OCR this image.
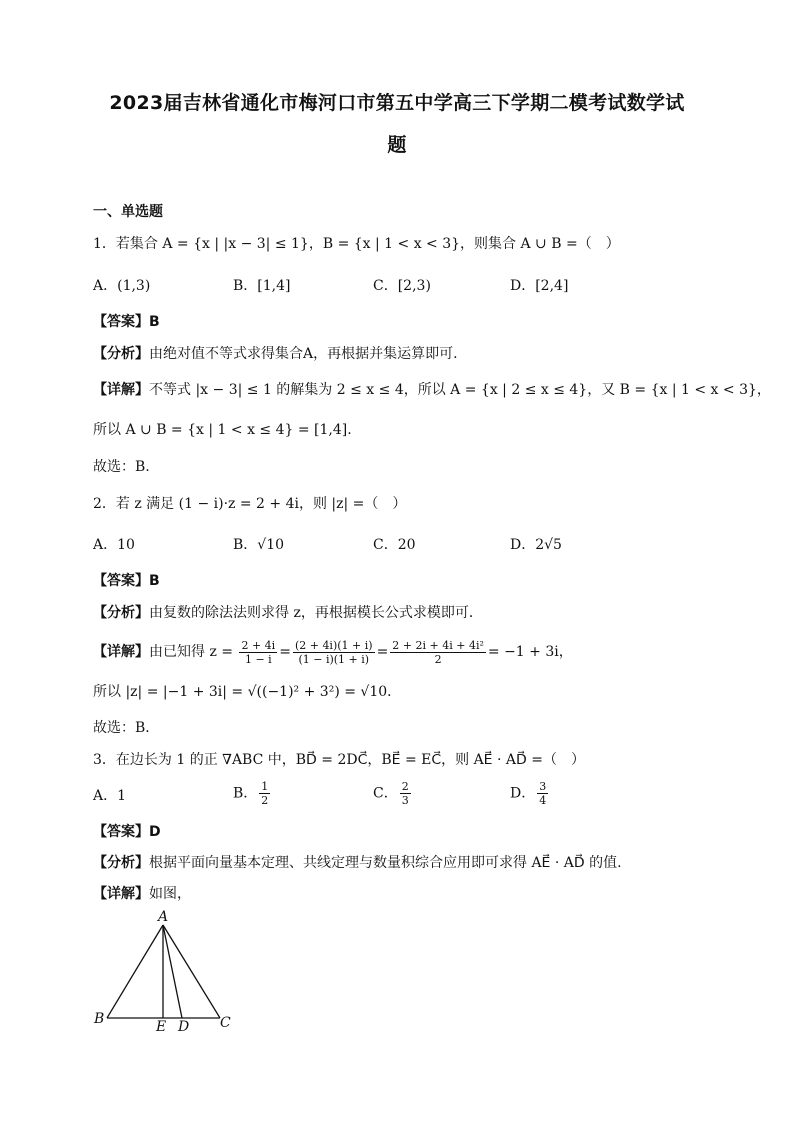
2023届吉林省通化市梅河口市第五中学高三下学期二模考试数学试
题
一、单选题
1．若集合 A = {x | |x − 3| ≤ 1}，B = {x | 1 < x < 3}，则集合 A ∪ B =（　）
A．(1,3)	B．[1,4]	C．[2,3)	D．[2,4]
【答案】B
【分析】由绝对值不等式求得集合A，再根据并集运算即可.
【详解】不等式 |x − 3| ≤ 1 的解集为 2 ≤ x ≤ 4，所以 A = {x | 2 ≤ x ≤ 4}，又 B = {x | 1 < x < 3}，
所以 A ∪ B = {x | 1 < x ≤ 4} = [1,4].
故选：B.
2．若 z 满足 (1 − i)·z = 2 + 4i，则 |z| =（　）
A．10	B．√10	C．20	D．2√5
【答案】B
【分析】由复数的除法法则求得 z，再根据模长公式求模即可．
【详解】由已知得 $z = \frac{2 + 4i}{1 - i} = \frac{(2 + 4i)(1 + i)}{(1 - i)(1 + i)} = \frac{\text{2 + 2i + 4i + 4i²}}{2} = -1 + 3i$，
所以 |z| = |−1 + 3i| = √((−1)² + 3²) = √10．
故选：B．
3．在边长为 1 的正 ∇ABC 中，BD⃗ = 2DC⃗，BE⃗ = EC⃗，则 AE⃗ · AD⃗ =（　）
A．1	B． $\frac{1}{2}$	C． $\frac{2}{3}$	D． $\frac{3}{4}$
【答案】D
【分析】根据平面向量基本定理、共线定理与数量积综合应用即可求得 AE⃗ · AD⃗ 的值.
【详解】如图，
A
B	C
D
E
